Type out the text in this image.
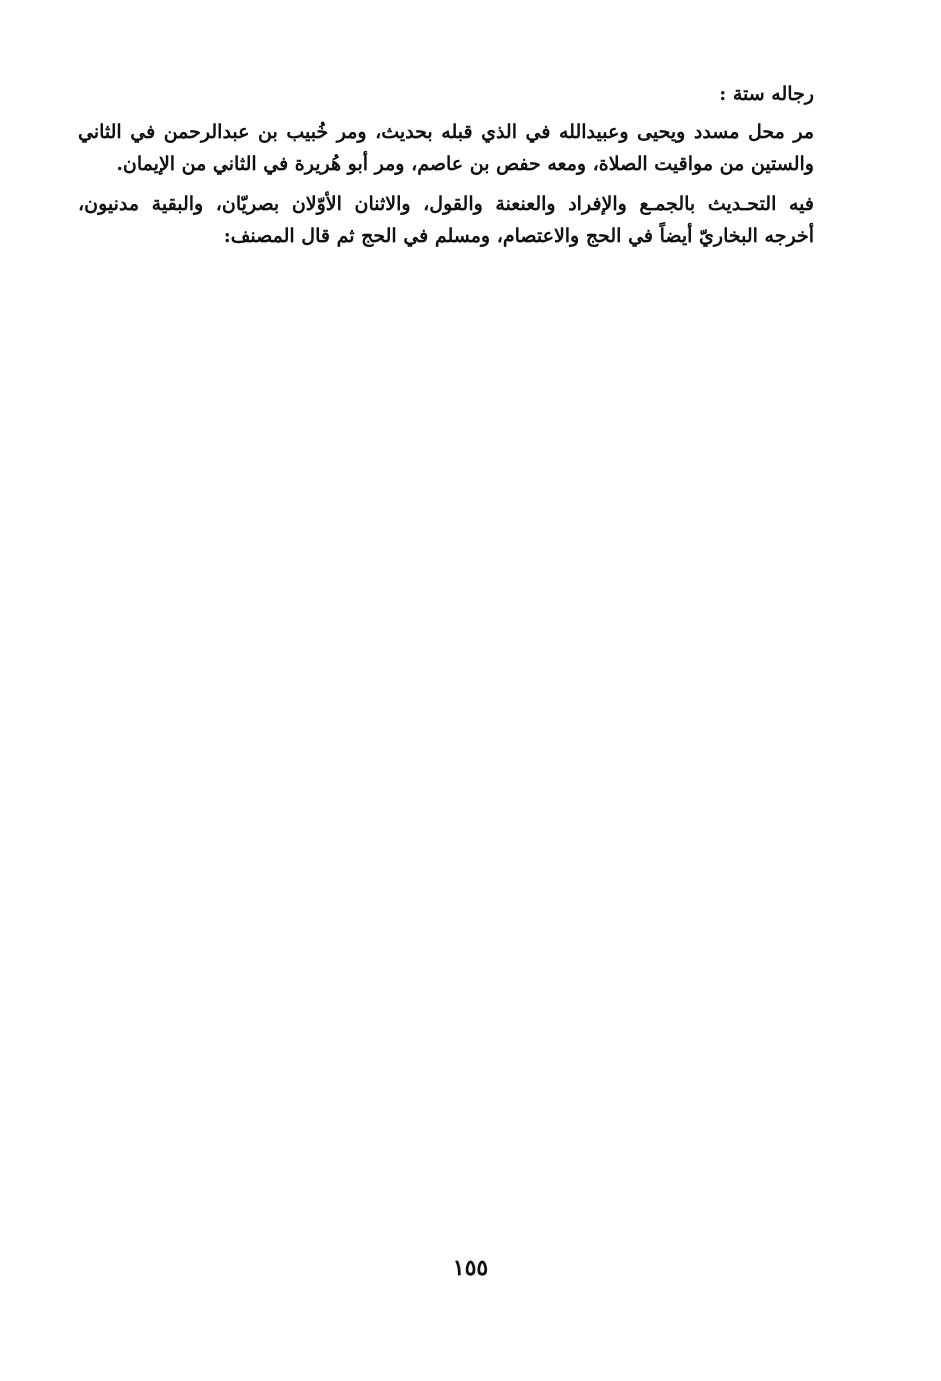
رجاله ستة :
مر محل مسدد ويحيى وعبيدالله في الذي قبله بحديث، ومر خُبيب بن عبدالرحمن في الثاني
والستين من مواقيت الصلاة، ومعه حفص بن عاصم، ومر أبو هُريرة في الثاني من الإيمان.
فيه التحـديث بالجمـع والإفراد والعنعنة والقول، والاثنان الأوّلان بصريّان، والبقية مدنيون،
أخرجه البخاريّ أيضاً في الحج والاعتصام، ومسلم في الحج ثم قال المصنف:
١٥٥
